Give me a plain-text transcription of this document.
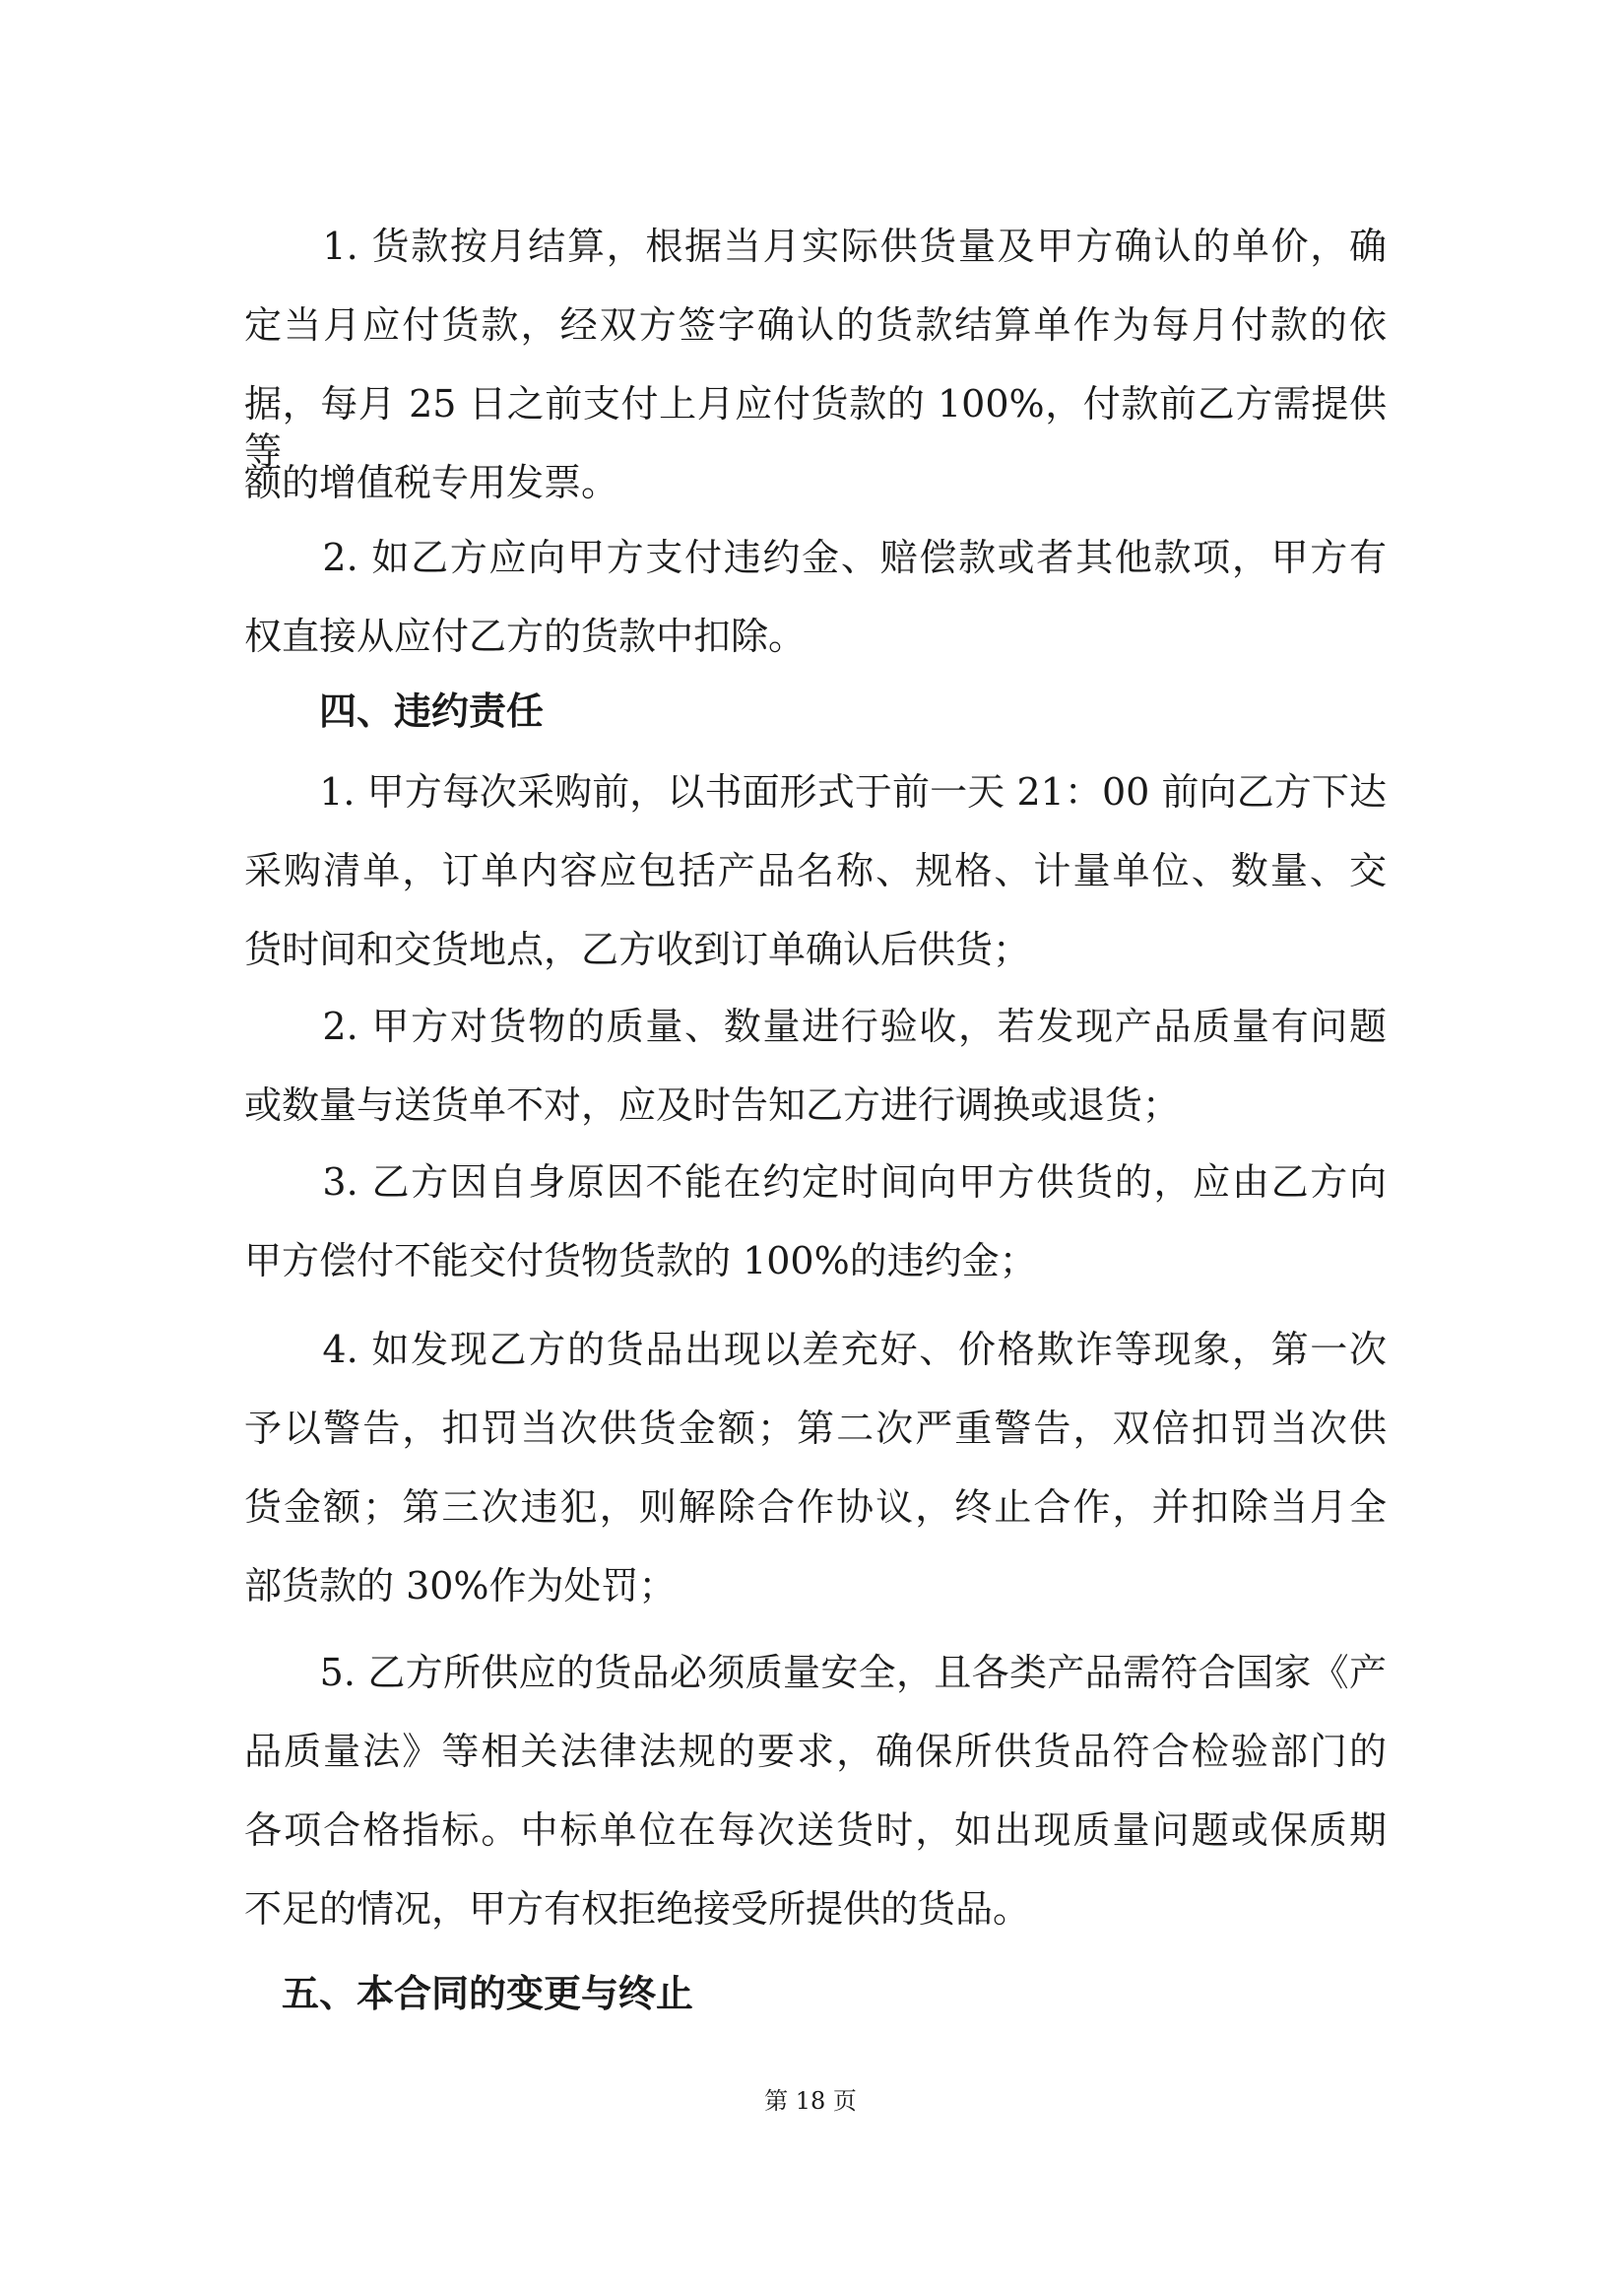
　　1. 货款按月结算，根据当月实际供货量及甲方确认的单价，确
定当月应付货款，经双方签字确认的货款结算单作为每月付款的依
据，每月 25 日之前支付上月应付货款的 100%，付款前乙方需提供等
额的增值税专用发票。
　　2. 如乙方应向甲方支付违约金、赔偿款或者其他款项，甲方有
权直接从应付乙方的货款中扣除。
　　四、违约责任
　　1. 甲方每次采购前，以书面形式于前一天 21：00 前向乙方下达
采购清单，订单内容应包括产品名称、规格、计量单位、数量、交
货时间和交货地点，乙方收到订单确认后供货；
　　2. 甲方对货物的质量、数量进行验收，若发现产品质量有问题
或数量与送货单不对，应及时告知乙方进行调换或退货；
　　3. 乙方因自身原因不能在约定时间向甲方供货的，应由乙方向
甲方偿付不能交付货物货款的 100%的违约金；
　　4. 如发现乙方的货品出现以差充好、价格欺诈等现象，第一次
予以警告，扣罚当次供货金额；第二次严重警告，双倍扣罚当次供
货金额；第三次违犯，则解除合作协议，终止合作，并扣除当月全
部货款的 30%作为处罚；
　　5. 乙方所供应的货品必须质量安全，且各类产品需符合国家《产
品质量法》等相关法律法规的要求，确保所供货品符合检验部门的
各项合格指标。中标单位在每次送货时，如出现质量问题或保质期
不足的情况，甲方有权拒绝接受所提供的货品。
　五、本合同的变更与终止
第 18 页
